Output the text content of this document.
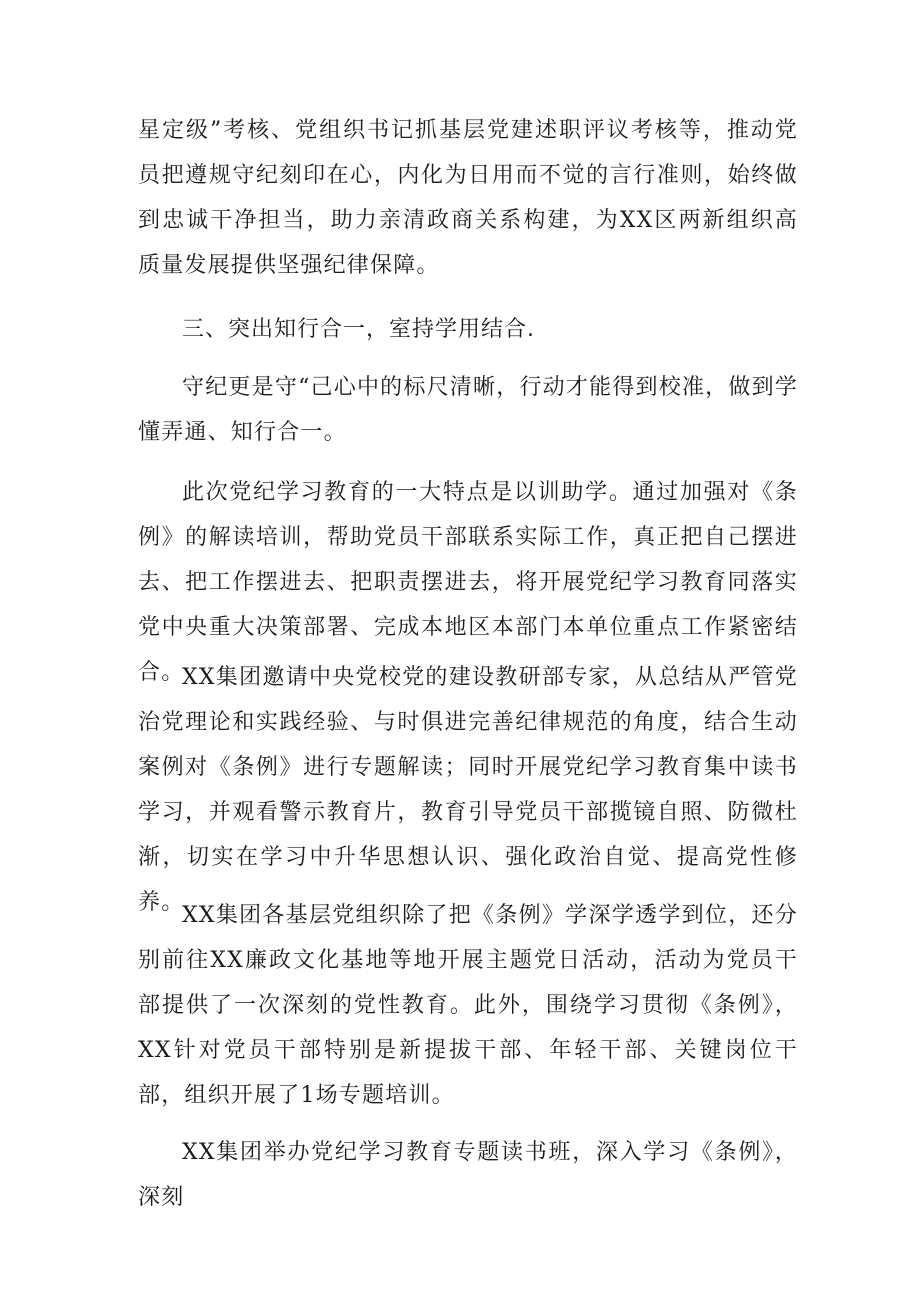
星定级”考核、党组织书记抓基层党建述职评议考核等，推动党员把遵规守纪刻印在心，内化为日用而不觉的言行准则，始终做到忠诚干净担当，助力亲清政商关系构建，为XX区两新组织高质量发展提供坚强纪律保障。

三、突出知行合一，室持学用结合.

守纪更是守“己心中的标尺清晰，行动才能得到校准，做到学懂弄通、知行合一。

此次党纪学习教育的一大特点是以训助学。通过加强对《条例》的解读培训，帮助党员干部联系实际工作，真正把自己摆进去、把工作摆进去、把职责摆进去，将开展党纪学习教育同落实党中央重大决策部署、完成本地区本部门本单位重点工作紧密结合。

XX集团邀请中央党校党的建设教研部专家，从总结从严管党治党理论和实践经验、与时俱进完善纪律规范的角度，结合生动案例对《条例》进行专题解读；同时开展党纪学习教育集中读书学习，并观看警示教育片，教育引导党员干部揽镜自照、防微杜渐，切实在学习中升华思想认识、强化政治自觉、提高党性修养。

XX集团各基层党组织除了把《条例》学深学透学到位，还分别前往XX廉政文化基地等地开展主题党日活动，活动为党员干部提供了一次深刻的党性教育。此外，围绕学习贯彻《条例》，XX针对党员干部特别是新提拔干部、年轻干部、关键岗位干部，组织开展了1场专题培训。

XX集团举办党纪学习教育专题读书班，深入学习《条例》，深刻
